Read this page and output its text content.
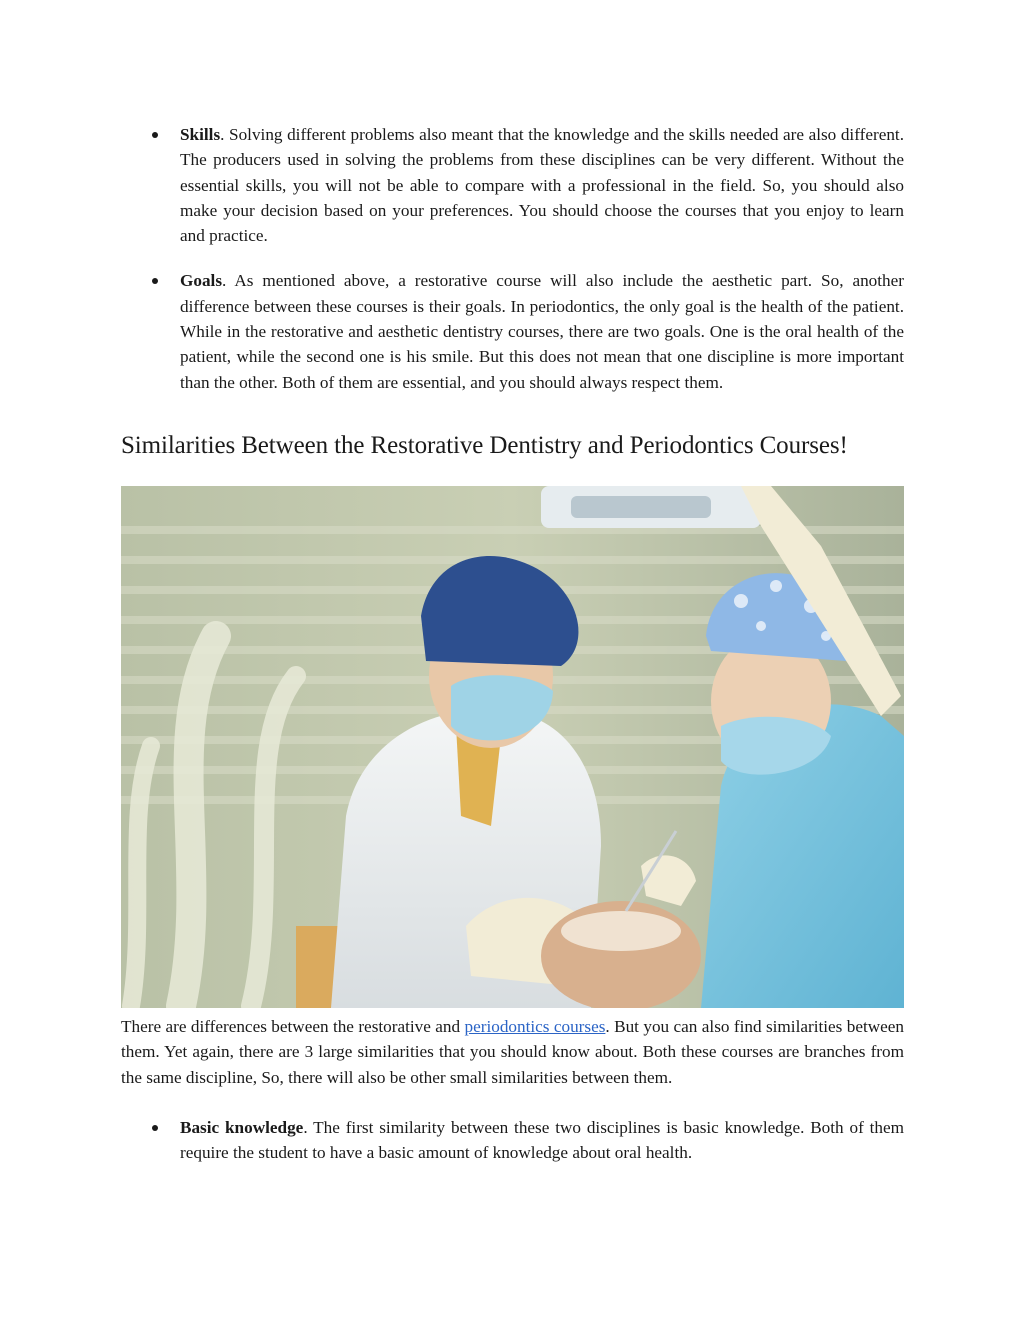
Skills. Solving different problems also meant that the knowledge and the skills needed are also different. The producers used in solving the problems from these disciplines can be very different. Without the essential skills, you will not be able to compare with a professional in the field. So, you should also make your decision based on your preferences. You should choose the courses that you enjoy to learn and practice.
Goals. As mentioned above, a restorative course will also include the aesthetic part. So, another difference between these courses is their goals. In periodontics, the only goal is the health of the patient. While in the restorative and aesthetic dentistry courses, there are two goals. One is the oral health of the patient, while the second one is his smile. But this does not mean that one discipline is more important than the other. Both of them are essential, and you should always respect them.
Similarities Between the Restorative Dentistry and Periodontics Courses!

There are differences between the restorative and periodontics courses. But you can also find similarities between them. Yet again, there are 3 large similarities that you should know about. Both these courses are branches from the same discipline, So, there will also be other small similarities between them.

Basic knowledge. The first similarity between these two disciplines is basic knowledge. Both of them require the student to have a basic amount of knowledge about oral health.
